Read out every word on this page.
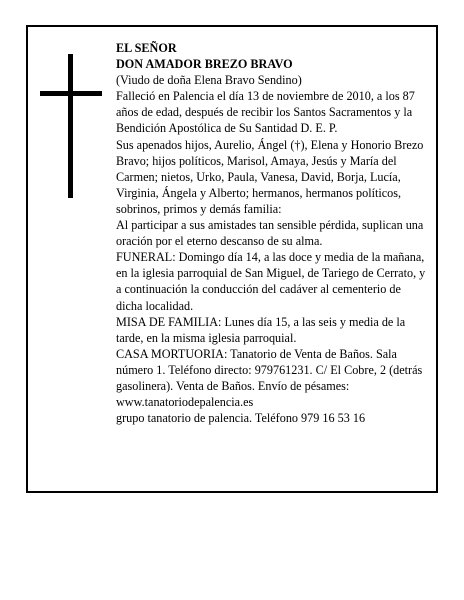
EL SEÑOR

DON AMADOR BREZO BRAVO

(Viudo de doña Elena Bravo Sendino)

Falleció en Palencia el día 13 de noviembre de 2010, a los 87 años de edad, después de recibir los Santos Sacramentos y la Bendición Apostólica de Su Santidad D. E. P.

Sus apenados hijos, Aurelio, Ángel (†), Elena y Honorio Brezo Bravo; hijos políticos, Marisol, Amaya, Jesús y María del Carmen; nietos, Urko, Paula, Vanesa, David, Borja, Lucía, Virginia, Ángela y Alberto; hermanos, hermanos políticos, sobrinos, primos y demás familia:

Al participar a sus amistades tan sensible pérdida, suplican una oración por el eterno descanso de su alma.

FUNERAL: Domingo día 14, a las doce y media de la mañana, en la iglesia parroquial de San Miguel, de Tariego de Cerrato, y a continuación la conducción del cadáver al cementerio de dicha localidad.

MISA DE FAMILIA: Lunes día 15, a las seis y media de la tarde, en la misma iglesia parroquial.

CASA MORTUORIA: Tanatorio de Venta de Baños. Sala número 1. Teléfono directo: 979761231. C/ El Cobre, 2 (detrás gasolinera). Venta de Baños. Envío de pésames: www.tanatoriodepalencia.es

grupo tanatorio de palencia. Teléfono 979 16 53 16
